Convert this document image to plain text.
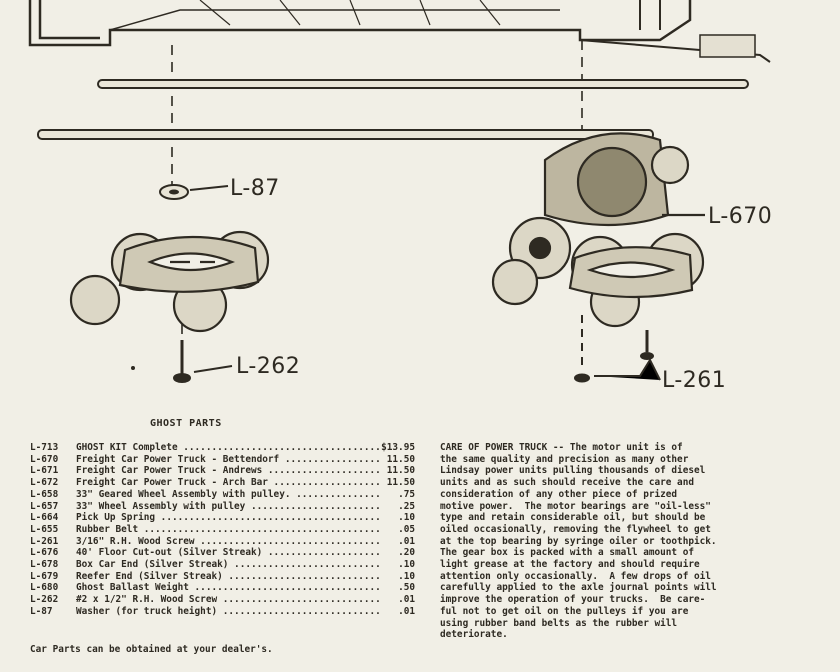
L-87
L-670
L-262
L-261
GHOST PARTS
L-713	GHOST KIT Complete .....	$13.95
L-670	Freight Car Power Truck - Bettendorf .....	11.50
L-671	Freight Car Power Truck - Andrews .....	11.50
L-672	Freight Car Power Truck - Arch Bar .....	11.50
L-658	33" Geared Wheel Assembly with pulley. .....	.75
L-657	33" Wheel Assembly with pulley .....	.25
L-664	Pick Up Spring .....	.10
L-655	Rubber Belt .....	.05
L-261	3/16" R.H. Wood Screw .....	.01
L-676	40' Floor Cut-out (Silver Streak) .....	.20
L-678	Box Car End (Silver Streak) .....	.10
L-679	Reefer End (Silver Streak) .....	.10
L-680	Ghost Ballast Weight .....	.50
L-262	#2 x 1/2" R.H. Wood Screw .....	.01
L-87	Washer (for truck height) .....	.01
Car Parts can be obtained at your dealer's.
CARE OF POWER TRUCK -- The motor unit is of
the same quality and precision as many other
Lindsay power units pulling thousands of diesel
units and as such should receive the care and
consideration of any other piece of prized
motive power.  The motor bearings are "oil-less"
type and retain considerable oil, but should be
oiled occasionally, removing the flywheel to get
at the top bearing by syringe oiler or toothpick.
The gear box is packed with a small amount of
light grease at the factory and should require
attention only occasionally.  A few drops of oil
carefully applied to the axle journal points will
improve the operation of your trucks.  Be care-
ful not to get oil on the pulleys if you are
using rubber band belts as the rubber will
deteriorate.
